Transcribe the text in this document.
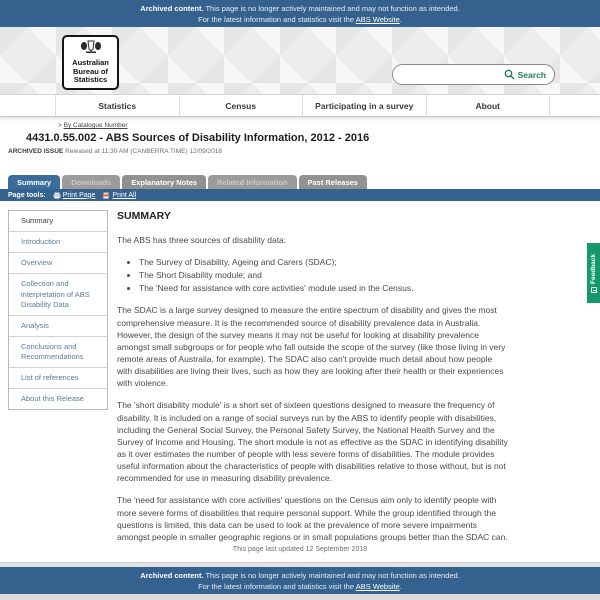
Archived content. This page is no longer actively maintained and may not function as intended.
For the latest information and statistics visit the ABS Website.
Australian
Bureau of
Statistics
Search
Statistics	Census	Participating in a survey	About
> By Catalogue Number
4431.0.55.002 - ABS Sources of Disability Information, 2012 - 2016
ARCHIVED ISSUE Released at 11:30 AM (CANBERRA TIME) 12/09/2018
Summary	Downloads	Explanatory Notes	Related Information	Past Releases
Page tools: Print Page Print All
Summary
Introduction
Overview
Collection and interpretation of ABS Disability Data
Analysis
Conclusions and Recommendations
List of references
About this Release
SUMMARY

The ABS has three sources of disability data:

• The Survey of Disability, Ageing and Carers (SDAC);
• The Short Disability module; and
• The 'Need for assistance with core activities' module used in the Census.

The SDAC is a large survey designed to measure the entire spectrum of disability and gives the most comprehensive measure. It is the recommended source of disability prevalence data in Australia. However, the design of the survey means it may not be useful for looking at disability prevalence amongst small subgroups or for people who fall outside the scope of the survey (like those living in very remote areas of Australia, for example). The SDAC also can't provide much detail about how people with disabilities are living their lives, such as how they are looking after their health or their experiences with violence.

The 'short disability module' is a short set of sixteen questions designed to measure the frequency of disability. It is included on a range of social surveys run by the ABS to identify people with disabilities, including the General Social Survey, the Personal Safety Survey, the National Health Survey and the Survey of Income and Housing. The short module is not as effective as the SDAC in identifying disability as it over estimates the number of people with less severe forms of disabilities. The module provides useful information about the characteristics of people with disabilities relative to those without, but is not recommended for use in measuring disability prevalence.

The 'need for assistance with core activities' questions on the Census aim only to identify people with more severe forms of disabilities that require personal support. While the group identified through the questions is limited, this data can be used to look at the prevalence of more severe impairments amongst people in smaller geographic regions or in small populations groups better than the SDAC can.

This page last updated 12 September 2018
Archived content. This page is no longer actively maintained and may not function as intended.
For the latest information and statistics visit the ABS Website.
Feedback
